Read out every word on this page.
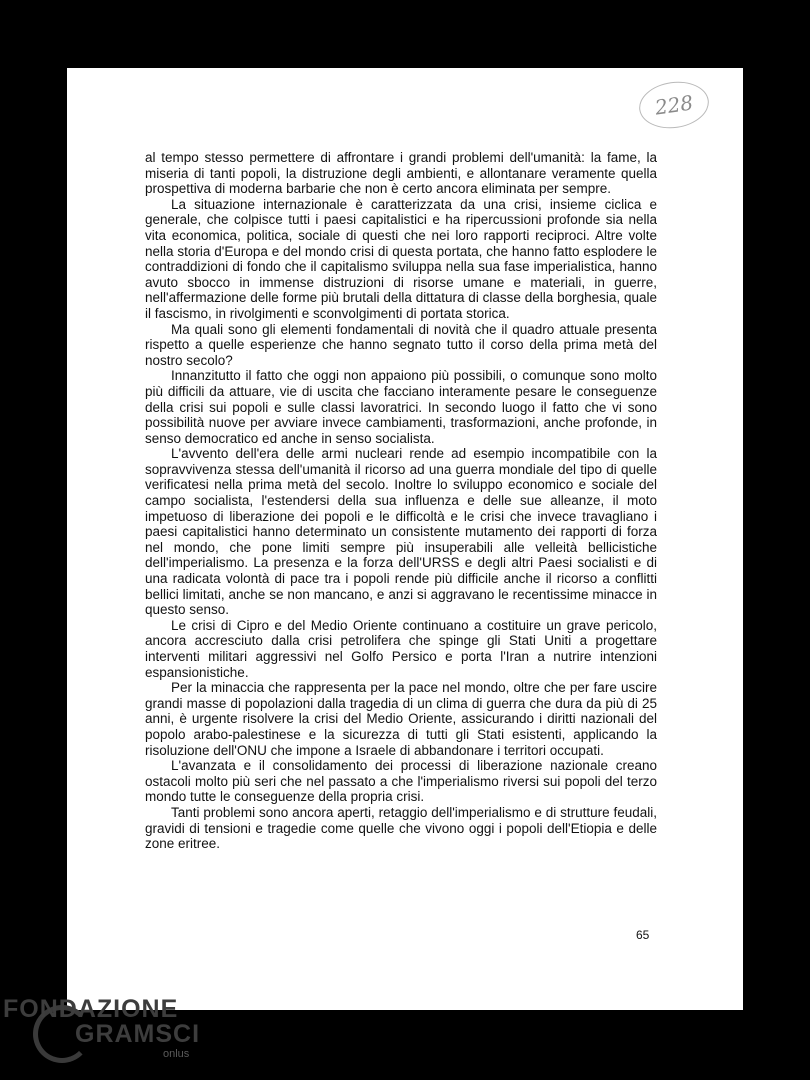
228

al tempo stesso permettere di affrontare i grandi problemi dell'umanità: la fame, la miseria di tanti popoli, la distruzione degli ambienti, e allontanare veramente quella prospettiva di moderna barbarie che non è certo ancora eliminata per sempre.

La situazione internazionale è caratterizzata da una crisi, insieme ciclica e generale, che colpisce tutti i paesi capitalistici e ha ripercussioni profonde sia nella vita economica, politica, sociale di questi che nei loro rapporti reciproci. Altre volte nella storia d'Europa e del mondo crisi di questa portata, che hanno fatto esplodere le contraddizioni di fondo che il capitalismo sviluppa nella sua fase imperialistica, hanno avuto sbocco in immense distruzioni di risorse umane e materiali, in guerre, nell'affermazione delle forme più brutali della dittatura di classe della borghesia, quale il fascismo, in rivolgimenti e sconvolgimenti di portata storica.

Ma quali sono gli elementi fondamentali di novità che il quadro attuale presenta rispetto a quelle esperienze che hanno segnato tutto il corso della prima metà del nostro secolo?

Innanzitutto il fatto che oggi non appaiono più possibili, o comunque sono molto più difficili da attuare, vie di uscita che facciano interamente pesare le conseguenze della crisi sui popoli e sulle classi lavoratrici. In secondo luogo il fatto che vi sono possibilità nuove per avviare invece cambiamenti, trasformazioni, anche profonde, in senso democratico ed anche in senso socialista.

L'avvento dell'era delle armi nucleari rende ad esempio incompatibile con la sopravvivenza stessa dell'umanità il ricorso ad una guerra mondiale del tipo di quelle verificatesi nella prima metà del secolo. Inoltre lo sviluppo economico e sociale del campo socialista, l'estendersi della sua influenza e delle sue alleanze, il moto impetuoso di liberazione dei popoli e le difficoltà e le crisi che invece travagliano i paesi capitalistici hanno determinato un consistente mutamento dei rapporti di forza nel mondo, che pone limiti sempre più insuperabili alle velleità bellicistiche dell'imperialismo. La presenza e la forza dell'URSS e degli altri Paesi socialisti e di una radicata volontà di pace tra i popoli rende più difficile anche il ricorso a conflitti bellici limitati, anche se non mancano, e anzi si aggravano le recentissime minacce in questo senso.

Le crisi di Cipro e del Medio Oriente continuano a costituire un grave pericolo, ancora accresciuto dalla crisi petrolifera che spinge gli Stati Uniti a progettare interventi militari aggressivi nel Golfo Persico e porta l'Iran a nutrire intenzioni espansionistiche.

Per la minaccia che rappresenta per la pace nel mondo, oltre che per fare uscire grandi masse di popolazioni dalla tragedia di un clima di guerra che dura da più di 25 anni, è urgente risolvere la crisi del Medio Oriente, assicurando i diritti nazionali del popolo arabo-palestinese e la sicurezza di tutti gli Stati esistenti, applicando la risoluzione dell'ONU che impone a Israele di abbandonare i territori occupati.

L'avanzata e il consolidamento dei processi di liberazione nazionale creano ostacoli molto più seri che nel passato a che l'imperialismo riversi sui popoli del terzo mondo tutte le conseguenze della propria crisi.

Tanti problemi sono ancora aperti, retaggio dell'imperialismo e di strutture feudali, gravidi di tensioni e tragedie come quelle che vivono oggi i popoli dell'Etiopia e delle zone eritree.

65
FONDAZIONE
GRAMSCI
onlus
